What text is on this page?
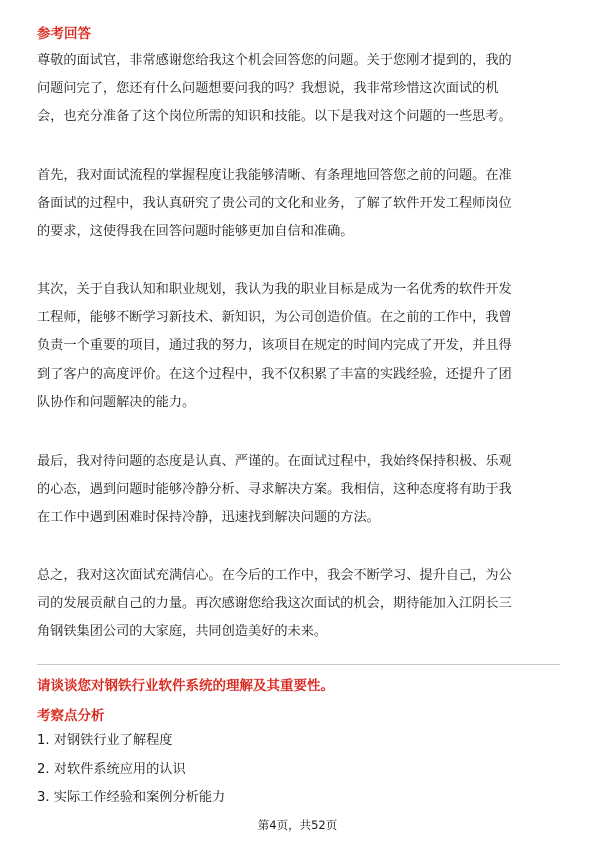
参考回答
尊敬的面试官，非常感谢您给我这个机会回答您的问题。关于您刚才提到的，我的
问题问完了，您还有什么问题想要问我的吗？我想说，我非常珍惜这次面试的机
会，也充分准备了这个岗位所需的知识和技能。以下是我对这个问题的一些思考。
首先，我对面试流程的掌握程度让我能够清晰、有条理地回答您之前的问题。在准
备面试的过程中，我认真研究了贵公司的文化和业务，了解了软件开发工程师岗位
的要求，这使得我在回答问题时能够更加自信和准确。
其次，关于自我认知和职业规划，我认为我的职业目标是成为一名优秀的软件开发
工程师，能够不断学习新技术、新知识，为公司创造价值。在之前的工作中，我曾
负责一个重要的项目，通过我的努力，该项目在规定的时间内完成了开发，并且得
到了客户的高度评价。在这个过程中，我不仅积累了丰富的实践经验，还提升了团
队协作和问题解决的能力。
最后，我对待问题的态度是认真、严谨的。在面试过程中，我始终保持积极、乐观
的心态，遇到问题时能够冷静分析、寻求解决方案。我相信，这种态度将有助于我
在工作中遇到困难时保持冷静，迅速找到解决问题的方法。
总之，我对这次面试充满信心。在今后的工作中，我会不断学习、提升自己，为公
司的发展贡献自己的力量。再次感谢您给我这次面试的机会，期待能加入江阴长三
角钢铁集团公司的大家庭，共同创造美好的未来。
请谈谈您对钢铁行业软件系统的理解及其重要性。
考察点分析
1. 对钢铁行业了解程度
2. 对软件系统应用的认识
3. 实际工作经验和案例分析能力
第4页，共52页
